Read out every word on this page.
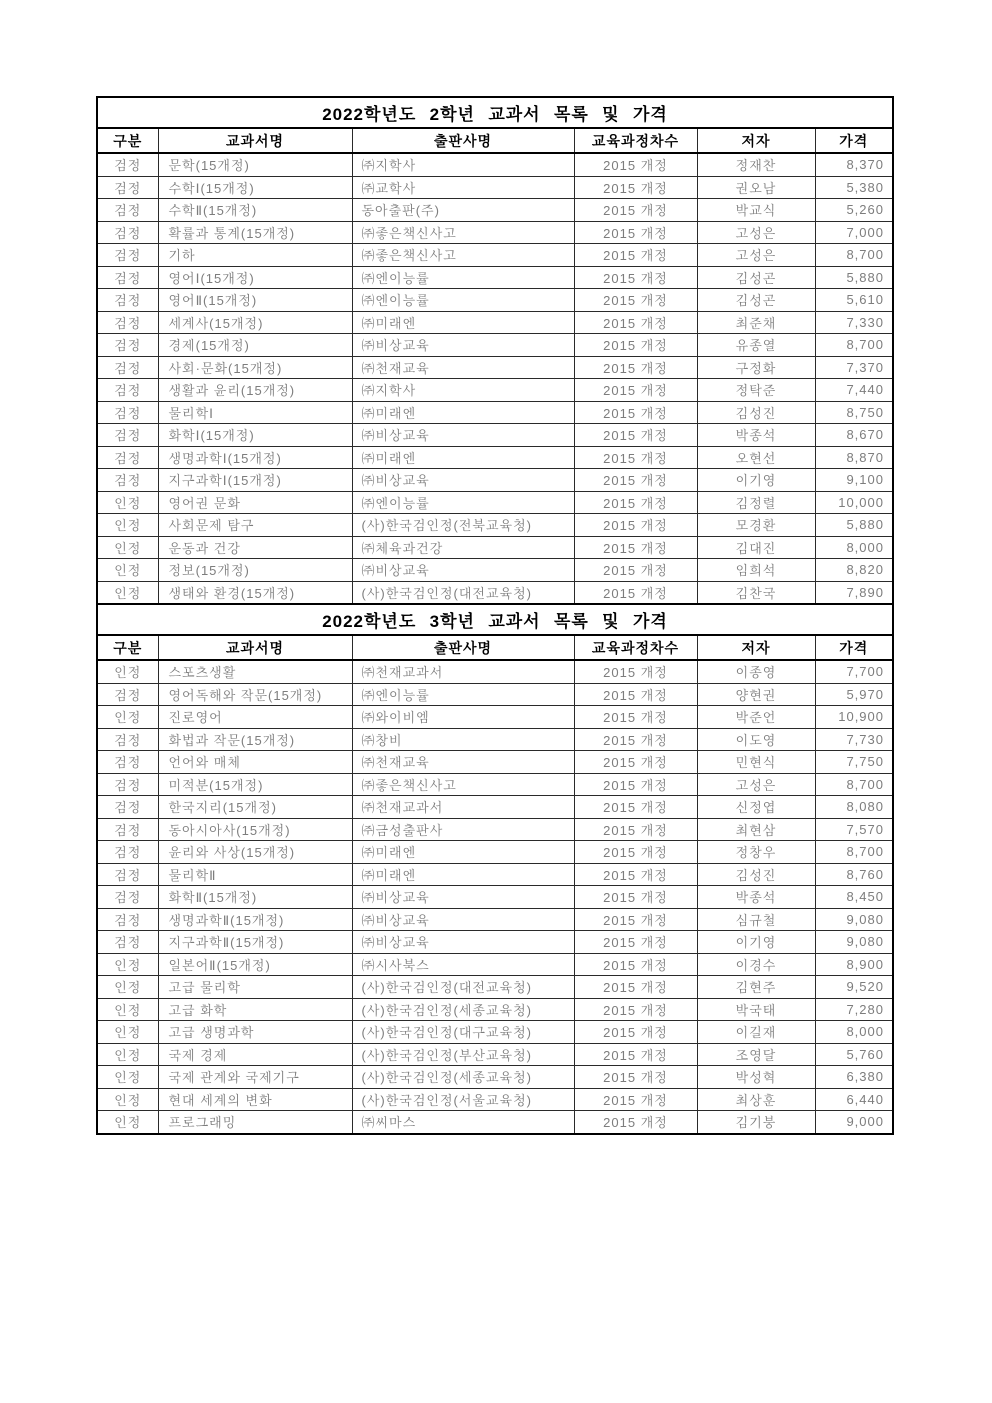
2022학년도 2학년 교과서 목록 및 가격					
구분	교과서명	출판사명	교육과정차수	저자	가격
검정	문학(15개정)	㈜지학사	2015 개정	정재찬	8,370
검정	수학Ⅰ(15개정)	㈜교학사	2015 개정	권오남	5,380
검정	수학Ⅱ(15개정)	동아출판(주)	2015 개정	박교식	5,260
검정	확률과 통계(15개정)	㈜좋은책신사고	2015 개정	고성은	7,000
검정	기하	㈜좋은책신사고	2015 개정	고성은	8,700
검정	영어Ⅰ(15개정)	㈜엔이능률	2015 개정	김성곤	5,880
검정	영어Ⅱ(15개정)	㈜엔이능률	2015 개정	김성곤	5,610
검정	세계사(15개정)	㈜미래엔	2015 개정	최준채	7,330
검정	경제(15개정)	㈜비상교육	2015 개정	유종열	8,700
검정	사회·문화(15개정)	㈜천재교육	2015 개정	구정화	7,370
검정	생활과 윤리(15개정)	㈜지학사	2015 개정	정탁준	7,440
검정	물리학Ⅰ	㈜미래엔	2015 개정	김성진	8,750
검정	화학Ⅰ(15개정)	㈜비상교육	2015 개정	박종석	8,670
검정	생명과학Ⅰ(15개정)	㈜미래엔	2015 개정	오현선	8,870
검정	지구과학Ⅰ(15개정)	㈜비상교육	2015 개정	이기영	9,100
인정	영어권 문화	㈜엔이능률	2015 개정	김정렬	10,000
인정	사회문제 탐구	(사)한국검인정(전북교육청)	2015 개정	모경환	5,880
인정	운동과 건강	㈜체육과건강	2015 개정	김대진	8,000
인정	정보(15개정)	㈜비상교육	2015 개정	임희석	8,820
인정	생태와 환경(15개정)	(사)한국검인정(대전교육청)	2015 개정	김찬국	7,890
2022학년도 3학년 교과서 목록 및 가격					
구분	교과서명	출판사명	교육과정차수	저자	가격
인정	스포츠생활	㈜천재교과서	2015 개정	이종영	7,700
검정	영어독해와 작문(15개정)	㈜엔이능률	2015 개정	양현권	5,970
인정	진로영어	㈜와이비엠	2015 개정	박준언	10,900
검정	화법과 작문(15개정)	㈜창비	2015 개정	이도영	7,730
검정	언어와 매체	㈜천재교육	2015 개정	민현식	7,750
검정	미적분(15개정)	㈜좋은책신사고	2015 개정	고성은	8,700
검정	한국지리(15개정)	㈜천재교과서	2015 개정	신정엽	8,080
검정	동아시아사(15개정)	㈜금성출판사	2015 개정	최현삼	7,570
검정	윤리와 사상(15개정)	㈜미래엔	2015 개정	정창우	8,700
검정	물리학Ⅱ	㈜미래엔	2015 개정	김성진	8,760
검정	화학Ⅱ(15개정)	㈜비상교육	2015 개정	박종석	8,450
검정	생명과학Ⅱ(15개정)	㈜비상교육	2015 개정	심규철	9,080
검정	지구과학Ⅱ(15개정)	㈜비상교육	2015 개정	이기영	9,080
인정	일본어Ⅱ(15개정)	㈜시사북스	2015 개정	이경수	8,900
인정	고급 물리학	(사)한국검인정(대전교육청)	2015 개정	김현주	9,520
인정	고급 화학	(사)한국검인정(세종교육청)	2015 개정	박국태	7,280
인정	고급 생명과학	(사)한국검인정(대구교육청)	2015 개정	이길재	8,000
인정	국제 경제	(사)한국검인정(부산교육청)	2015 개정	조영달	5,760
인정	국제 관계와 국제기구	(사)한국검인정(세종교육청)	2015 개정	박성혁	6,380
인정	현대 세계의 변화	(사)한국검인정(서울교육청)	2015 개정	최상훈	6,440
인정	프로그래밍	㈜씨마스	2015 개정	김기붕	9,000
